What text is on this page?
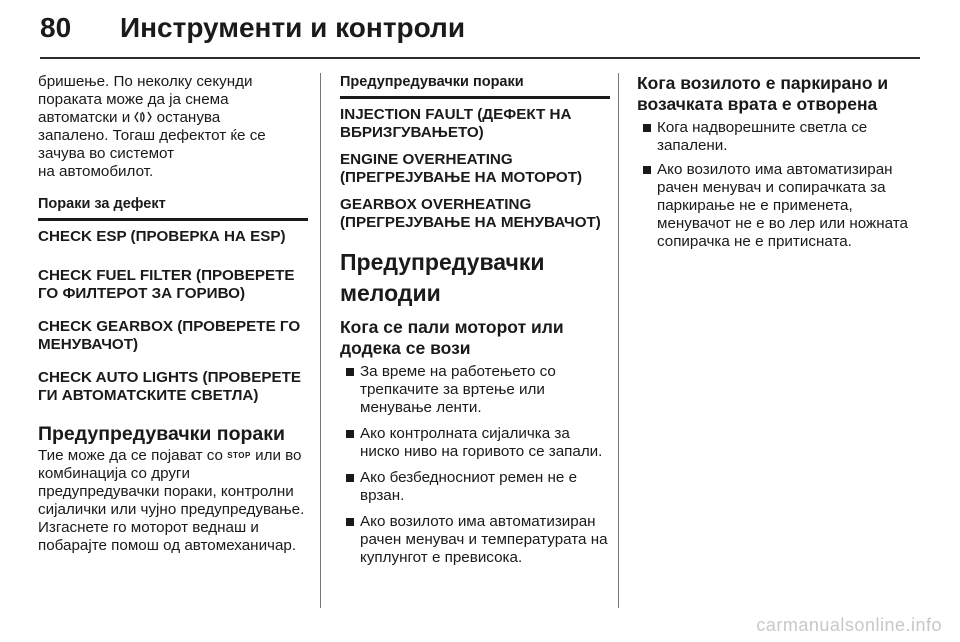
80 Инструменти и контроли

бришење. По неколку секунди
пораката може да ја снема
автоматски и останува
запалено. Тогаш дефектот ќе се
зачува во системот
на автомобилот.

Пораки за дефект

CHECK ESP (ПРОВЕРКА НА ESP)

CHECK FUEL FILTER (ПРОВЕРЕТЕ ГО ФИЛТЕРОТ ЗА ГОРИВО)

CHECK GEARBOX (ПРОВЕРЕТЕ ГО МЕНУВАЧОТ)

CHECK AUTO LIGHTS (ПРОВЕРЕТЕ ГИ АВТОМАТСКИТЕ СВЕТЛА)

Предупредувачки пораки

Тие може да се појават со STOP или во комбинација со други предупредувачки пораки, контролни сијалички или чујно предупредување. Изгаснете го моторот веднаш и побарајте помош од автомеханичар.

Предупредувачки пораки

INJECTION FAULT (ДЕФЕКТ НА ВБРИЗГУВАЊЕТО)

ENGINE OVERHEATING (ПРЕГРЕЈУВАЊЕ НА МОТОРОТ)

GEARBOX OVERHEATING (ПРЕГРЕЈУВАЊЕ НА МЕНУВАЧОТ)

Предупредувачки мелодии

Кога се пали моторот или додека се вози

За време на работењето со трепкачите за вртење или менување ленти.
Ако контролната сијаличка за ниско ниво на горивото се запали.
Ако безбедносниот ремен не е врзан.
Ако возилото има автоматизиран рачен менувач и температурата на куплунгот е превисока.

Кога возилото е паркирано и возачката врата е отворена

Кога надворешните светла се запалени.
Ако возилото има автоматизиран рачен менувач и сопирачката за паркирање не е применета, менувачот не е во лер или ножната сопирачка не е притисната.
carmanualsonline.info
